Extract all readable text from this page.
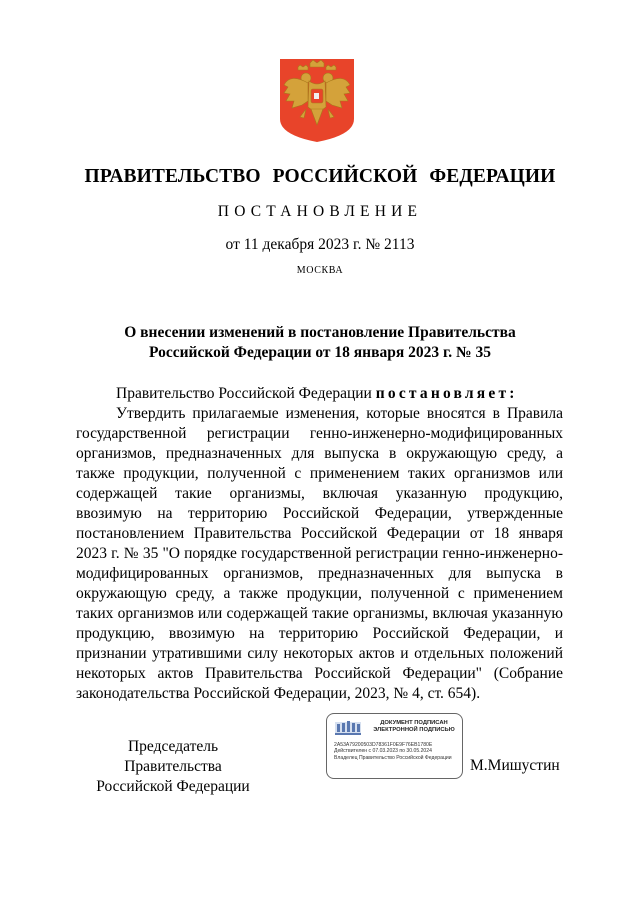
ПРАВИТЕЛЬСТВО РОССИЙСКОЙ ФЕДЕРАЦИИ
ПОСТАНОВЛЕНИЕ
от 11 декабря 2023 г. № 2113
МОСКВА
О внесении изменений в постановление Правительства
Российской Федерации от 18 января 2023 г. № 35

Правительство Российской Федерации постановляет:

Утвердить прилагаемые изменения, которые вносятся в Правила государственной регистрации генно-инженерно-модифицированных организмов, предназначенных для выпуска в окружающую среду, а также продукции, полученной с применением таких организмов или содержащей такие организмы, включая указанную продукцию, ввозимую на территорию Российской Федерации, утвержденные постановлением Правительства Российской Федерации от 18 января 2023 г. № 35 "О порядке государственной регистрации генно-инженерно-модифицированных организмов, предназначенных для выпуска в окружающую среду, а также продукции, полученной с применением таких организмов или содержащей такие организмы, включая указанную продукцию, ввозимую на территорию Российской Федерации, и признании утратившими силу некоторых актов и отдельных положений некоторых актов Правительства Российской Федерации" (Собрание законодательства Российской Федерации, 2023, № 4, ст. 654).

Председатель Правительства
Российской Федерации
ДОКУМЕНТ ПОДПИСАН
ЭЛЕКТРОННОЙ ПОДПИСЬЮ
2A53A79200503D78361F0E9F76EB1780E
Действителен с 07.03.2023 по 30.05.2024
Владелец Правительство Российской Федерации	М.Мишустин
